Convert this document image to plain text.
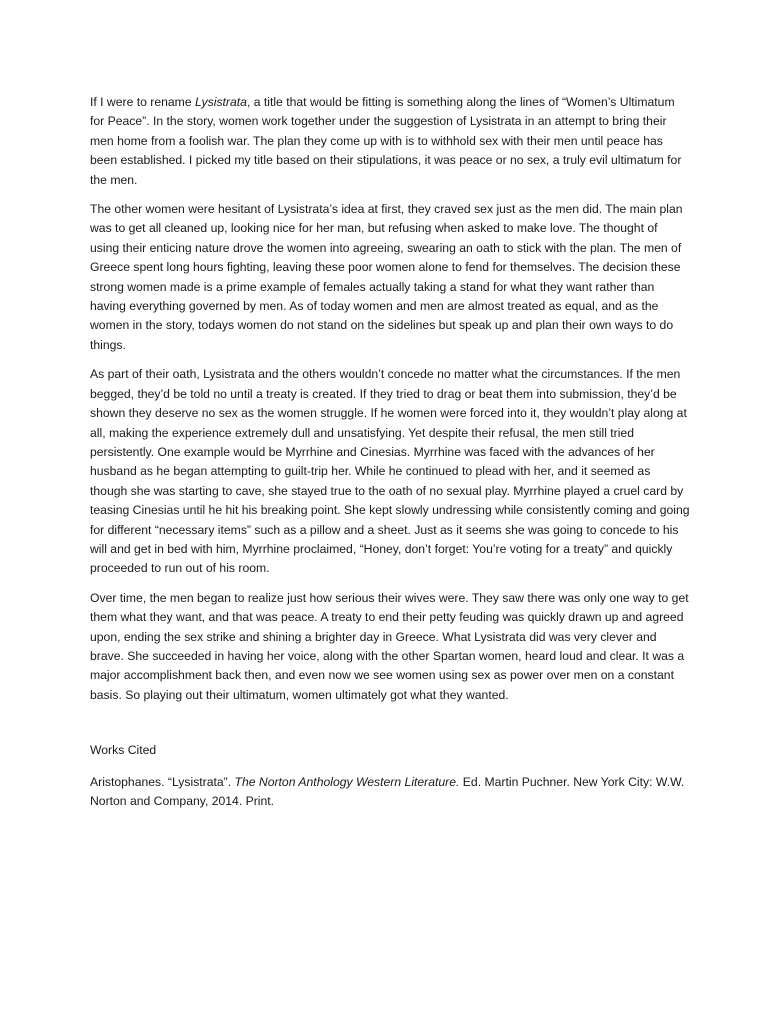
If I were to rename Lysistrata, a title that would be fitting is something along the lines of “Women’s Ultimatum for Peace”. In the story, women work together under the suggestion of Lysistrata in an attempt to bring their men home from a foolish war. The plan they come up with is to withhold sex with their men until peace has been established. I picked my title based on their stipulations, it was peace or no sex, a truly evil ultimatum for the men.

The other women were hesitant of Lysistrata’s idea at first, they craved sex just as the men did. The main plan was to get all cleaned up, looking nice for her man, but refusing when asked to make love. The thought of using their enticing nature drove the women into agreeing, swearing an oath to stick with the plan. The men of Greece spent long hours fighting, leaving these poor women alone to fend for themselves. The decision these strong women made is a prime example of females actually taking a stand for what they want rather than having everything governed by men. As of today women and men are almost treated as equal, and as the women in the story, todays women do not stand on the sidelines but speak up and plan their own ways to do things.

As part of their oath, Lysistrata and the others wouldn’t concede no matter what the circumstances. If the men begged, they’d be told no until a treaty is created. If they tried to drag or beat them into submission, they’d be shown they deserve no sex as the women struggle. If he women were forced into it, they wouldn’t play along at all, making the experience extremely dull and unsatisfying. Yet despite their refusal, the men still tried persistently. One example would be Myrrhine and Cinesias. Myrrhine was faced with the advances of her husband as he began attempting to guilt-trip her. While he continued to plead with her, and it seemed as though she was starting to cave, she stayed true to the oath of no sexual play. Myrrhine played a cruel card by teasing Cinesias until he hit his breaking point. She kept slowly undressing while consistently coming and going for different “necessary items” such as a pillow and a sheet. Just as it seems she was going to concede to his will and get in bed with him, Myrrhine proclaimed, “Honey, don’t forget: You’re voting for a treaty” and quickly proceeded to run out of his room.

Over time, the men began to realize just how serious their wives were. They saw there was only one way to get them what they want, and that was peace. A treaty to end their petty feuding was quickly drawn up and agreed upon, ending the sex strike and shining a brighter day in Greece. What Lysistrata did was very clever and brave. She succeeded in having her voice, along with the other Spartan women, heard loud and clear. It was a major accomplishment back then, and even now we see women using sex as power over men on a constant basis. So playing out their ultimatum, women ultimately got what they wanted.

Works Cited

Aristophanes. “Lysistrata”. The Norton Anthology Western Literature. Ed. Martin Puchner. New York City: W.W. Norton and Company, 2014. Print.
